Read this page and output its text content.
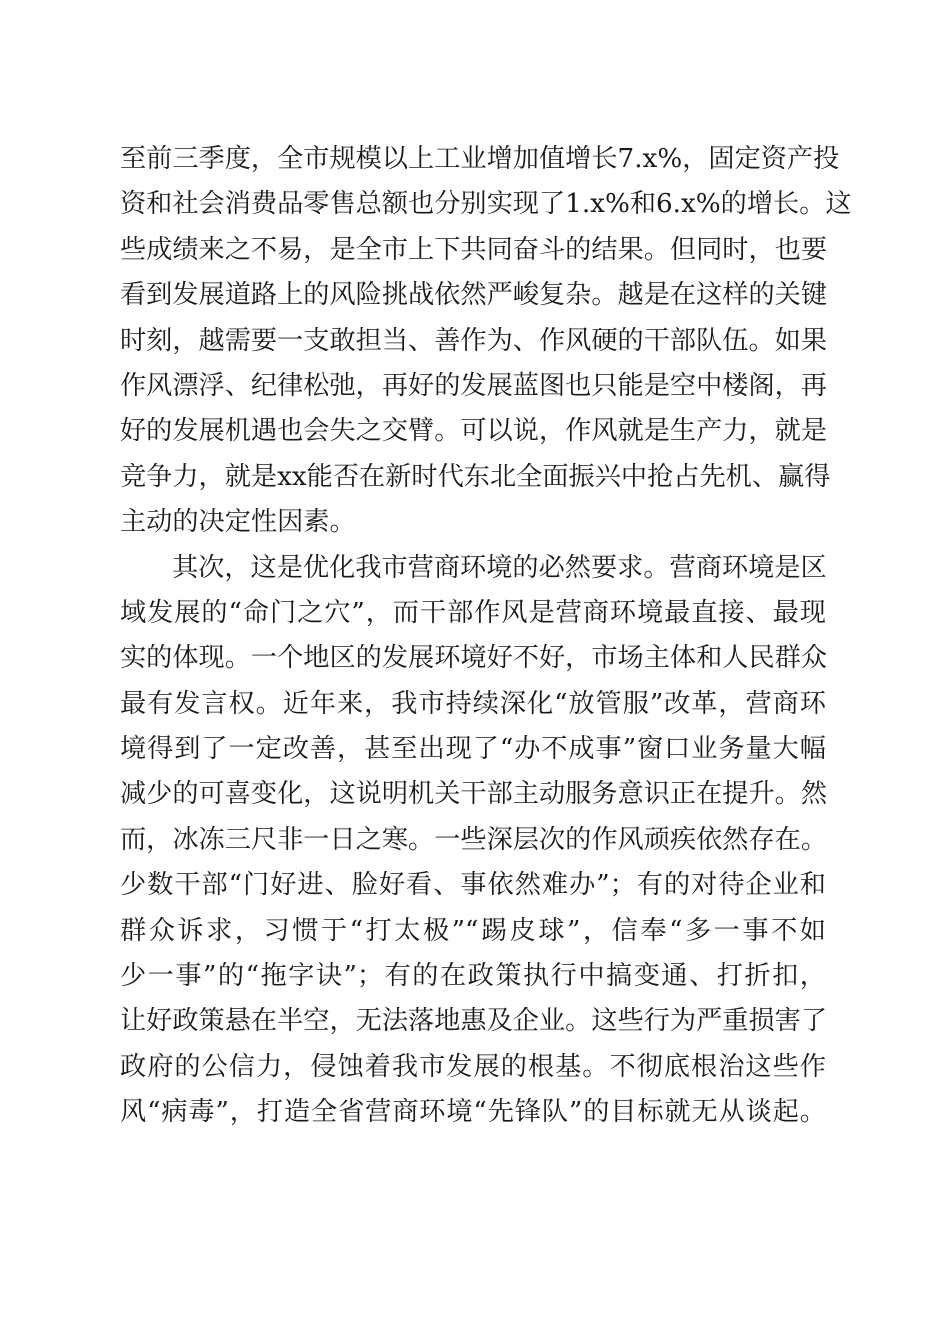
至前三季度，全市规模以上工业增加值增长7.x%，固定资产投
资和社会消费品零售总额也分别实现了1.x%和6.x%的增长。这
些成绩来之不易，是全市上下共同奋斗的结果。但同时，也要
看到发展道路上的风险挑战依然严峻复杂。越是在这样的关键
时刻，越需要一支敢担当、善作为、作风硬的干部队伍。如果
作风漂浮、纪律松弛，再好的发展蓝图也只能是空中楼阁，再
好的发展机遇也会失之交臂。可以说，作风就是生产力，就是
竞争力，就是xx能否在新时代东北全面振兴中抢占先机、赢得
主动的决定性因素。
其次，这是优化我市营商环境的必然要求。营商环境是区
域发展的“命门之穴”，而干部作风是营商环境最直接、最现
实的体现。一个地区的发展环境好不好，市场主体和人民群众
最有发言权。近年来，我市持续深化“放管服”改革，营商环
境得到了一定改善，甚至出现了“办不成事”窗口业务量大幅
减少的可喜变化，这说明机关干部主动服务意识正在提升。然
而，冰冻三尺非一日之寒。一些深层次的作风顽疾依然存在。
少数干部“门好进、脸好看、事依然难办”；有的对待企业和
群众诉求，习惯于“打太极”“踢皮球”，信奉“多一事不如
少一事”的“拖字诀”；有的在政策执行中搞变通、打折扣，
让好政策悬在半空，无法落地惠及企业。这些行为严重损害了
政府的公信力，侵蚀着我市发展的根基。不彻底根治这些作
风“病毒”，打造全省营商环境“先锋队”的目标就无从谈起。
